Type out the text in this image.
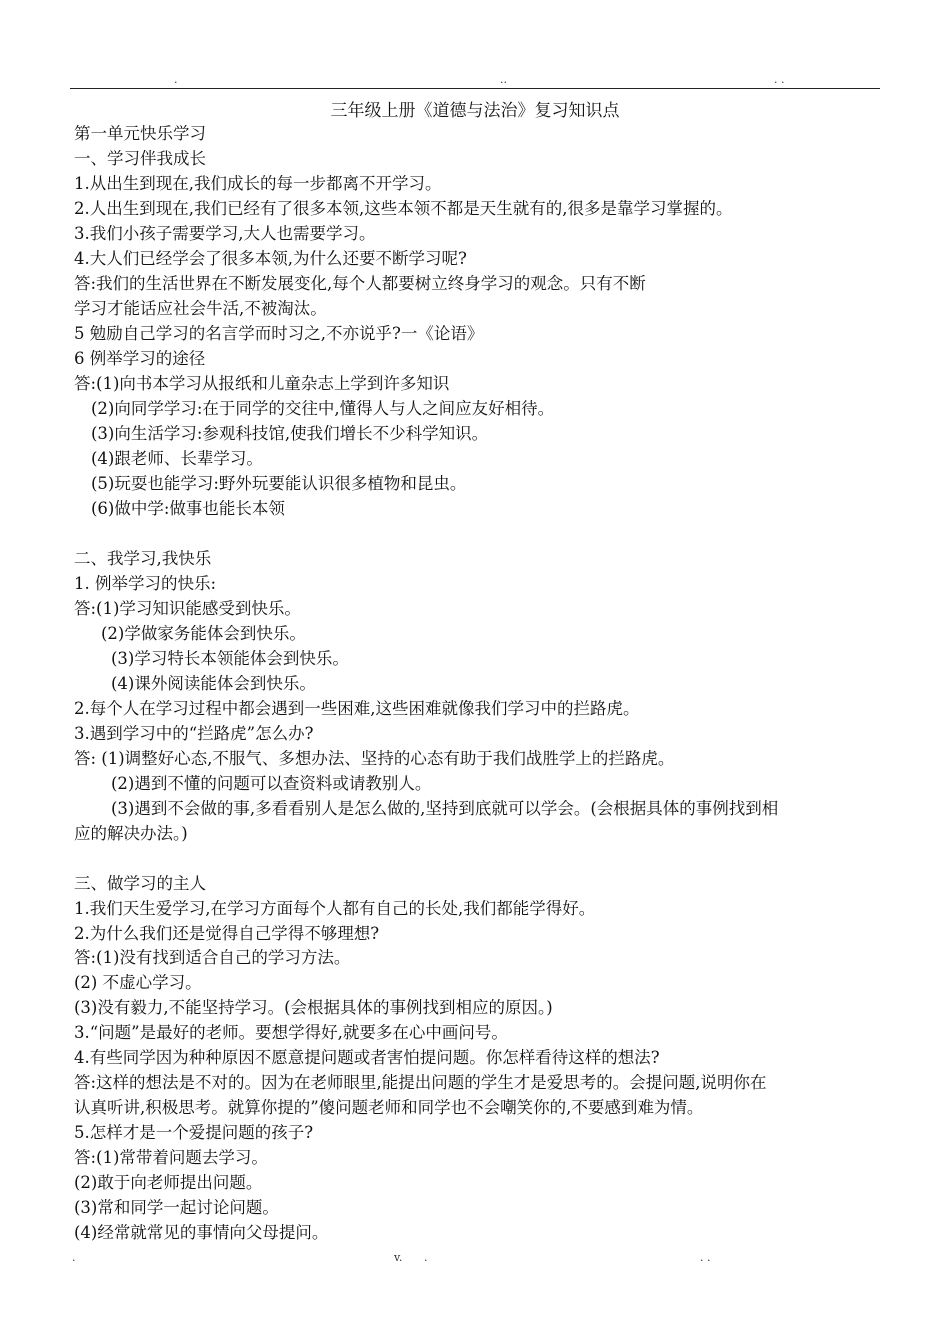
.	..	. .
三年级上册《道德与法治》复习知识点
第一单元快乐学习
一、学习伴我成长
1.从出生到现在,我们成长的每一步都离不开学习。
2.人出生到现在,我们已经有了很多本领,这些本领不都是天生就有的,很多是靠学习掌握的。
3.我们小孩子需要学习,大人也需要学习。
4.大人们已经学会了很多本领,为什么还要不断学习呢?
答:我们的生活世界在不断发展变化,每个人都要树立终身学习的观念。只有不断
学习才能话应社会牛活,不被淘汰。
5 勉励自己学习的名言学而时习之,不亦说乎?一《论语》
6 例举学习的途径
答:(1)向书本学习从报纸和儿童杂志上学到许多知识
(2)向同学学习:在于同学的交往中,懂得人与人之间应友好相待。
(3)向生活学习:参观科技馆,使我们增长不少科学知识。
(4)跟老师、长辈学习。
(5)玩耍也能学习:野外玩要能认识很多植物和昆虫。
(6)做中学:做事也能长本领
二、我学习,我快乐
1. 例举学习的快乐:
答:(1)学习知识能感受到快乐。
(2)学做家务能体会到快乐。
(3)学习特长本领能体会到快乐。
(4)课外阅读能体会到快乐。
2.每个人在学习过程中都会遇到一些困难,这些困难就像我们学习中的拦路虎。
3.遇到学习中的“拦路虎”怎么办?
答: (1)调整好心态,不服气、多想办法、坚持的心态有助于我们战胜学上的拦路虎。
(2)遇到不懂的问题可以查资料或请教别人。
(3)遇到不会做的事,多看看别人是怎么做的,坚持到底就可以学会。(会根据具体的事例找到相
应的解决办法。)
三、做学习的主人
1.我们天生爱学习,在学习方面每个人都有自己的长处,我们都能学得好。
2.为什么我们还是觉得自己学得不够理想?
答:(1)没有找到适合自己的学习方法。
(2) 不虚心学习。
(3)没有毅力,不能坚持学习。(会根据具体的事例找到相应的原因。)
3.“问题”是最好的老师。要想学得好,就要多在心中画问号。
4.有些同学因为种种原因不愿意提问题或者害怕提问题。你怎样看待这样的想法?
答:这样的想法是不对的。因为在老师眼里,能提出问题的学生才是爱思考的。会提问题,说明你在
认真听讲,积极思考。就算你提的”傻问题老师和同学也不会嘲笑你的,不要感到难为情。
5.怎样才是一个爱提问题的孩子?
答:(1)常带着问题去学习。
(2)敢于向老师提出问题。
(3)常和同学一起讨论问题。
(4)经常就常见的事情向父母提问。
.	v. .	. .
